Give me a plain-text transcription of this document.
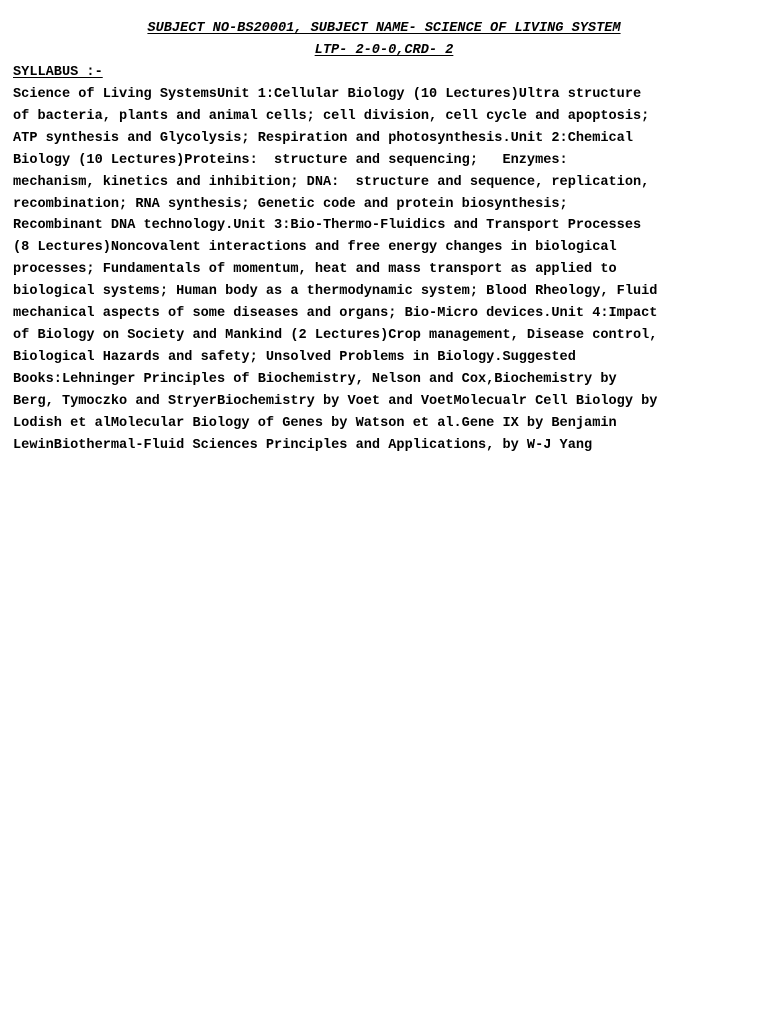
SUBJECT NO-BS20001, SUBJECT NAME- SCIENCE OF LIVING SYSTEM
LTP- 2-0-0,CRD- 2
SYLLABUS :-
Science of Living SystemsUnit 1:Cellular Biology (10 Lectures)Ultra structure
of bacteria, plants and animal cells; cell division, cell cycle and apoptosis;
ATP synthesis and Glycolysis; Respiration and photosynthesis.Unit 2:Chemical
Biology (10 Lectures)Proteins:  structure and sequencing;   Enzymes:
mechanism, kinetics and inhibition; DNA:  structure and sequence, replication,
recombination; RNA synthesis; Genetic code and protein biosynthesis;
Recombinant DNA technology.Unit 3:Bio-Thermo-Fluidics and Transport Processes
(8 Lectures)Noncovalent interactions and free energy changes in biological
processes; Fundamentals of momentum, heat and mass transport as applied to
biological systems; Human body as a thermodynamic system; Blood Rheology, Fluid
mechanical aspects of some diseases and organs; Bio-Micro devices.Unit 4:Impact
of Biology on Society and Mankind (2 Lectures)Crop management, Disease control,
Biological Hazards and safety; Unsolved Problems in Biology.Suggested
Books:Lehninger Principles of Biochemistry, Nelson and Cox,Biochemistry by
Berg, Tymoczko and StryerBiochemistry by Voet and VoetMolecualr Cell Biology by
Lodish et alMolecular Biology of Genes by Watson et al.Gene IX by Benjamin
LewinBiothermal-Fluid Sciences Principles and Applications, by W-J Yang
